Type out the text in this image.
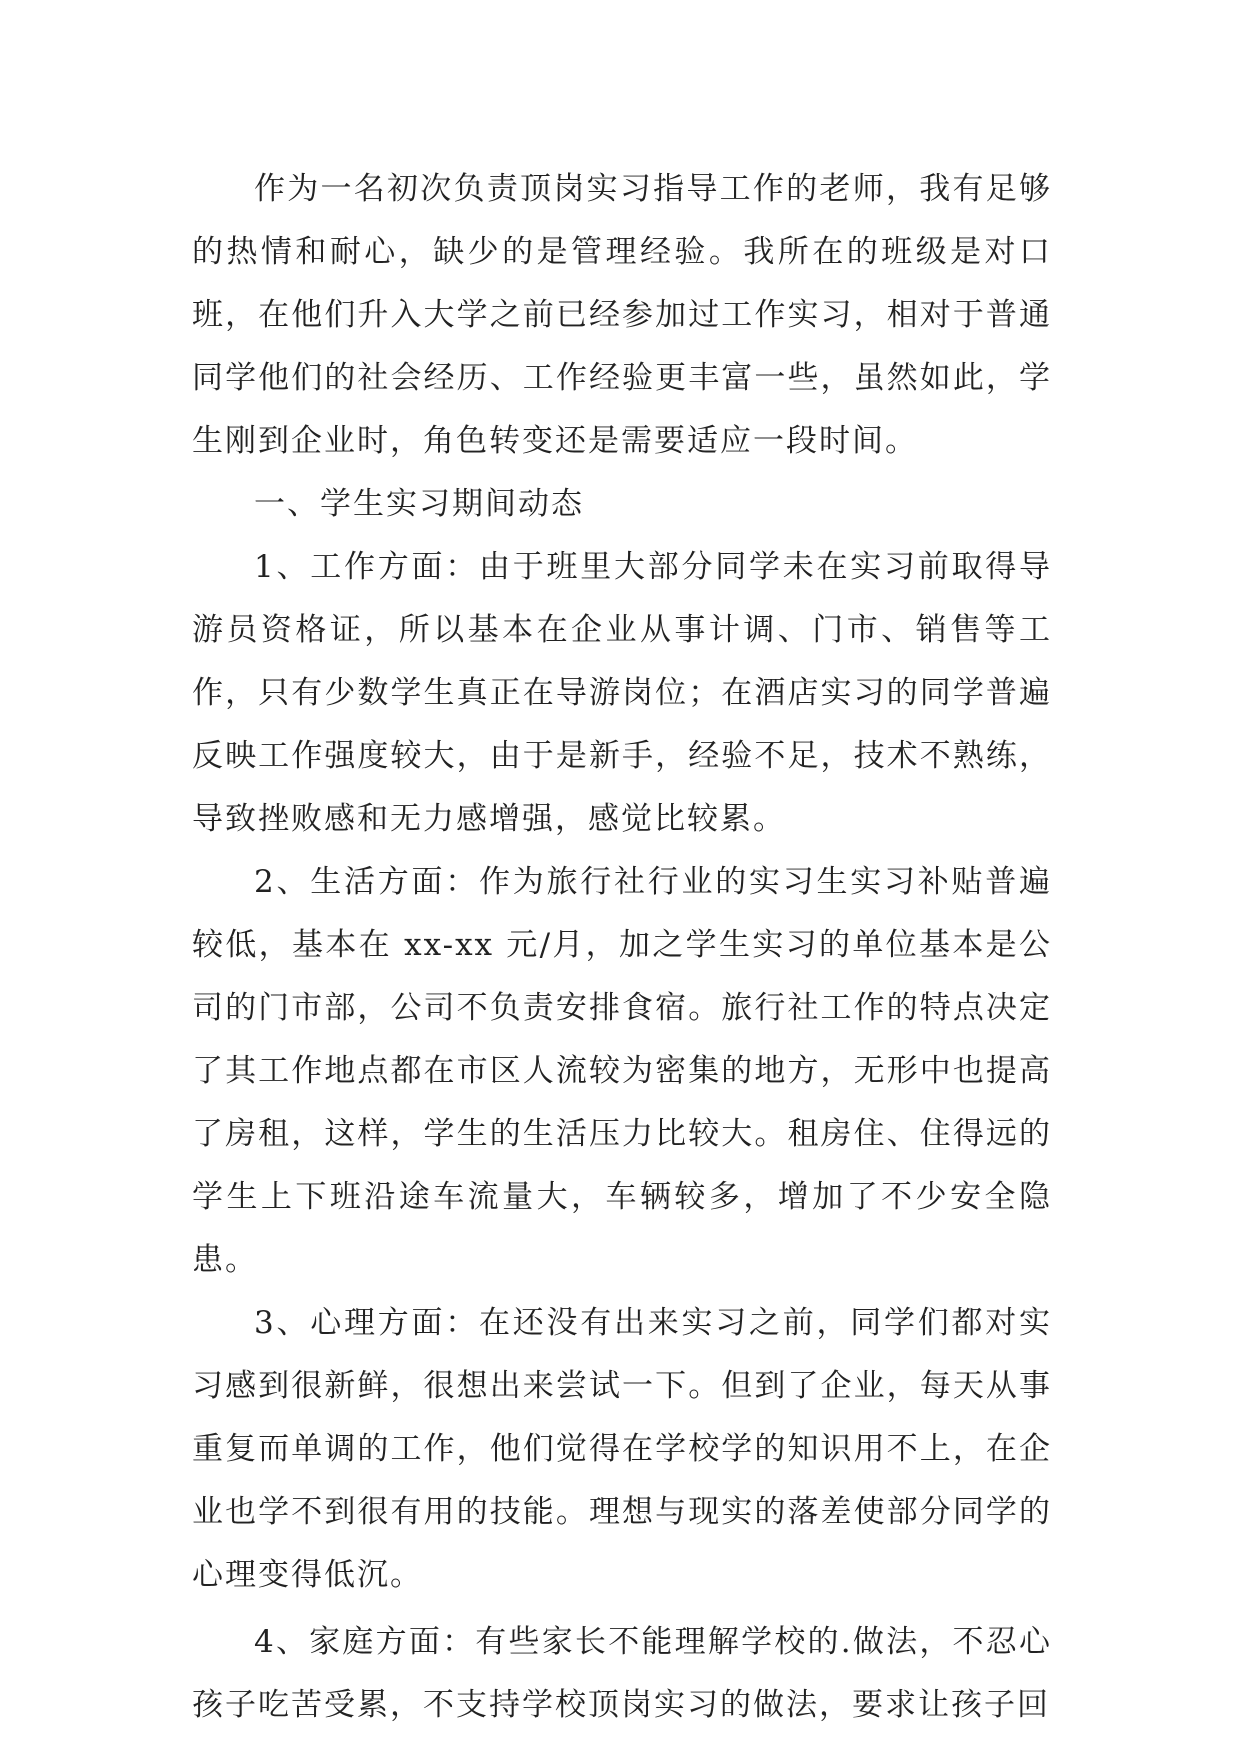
作为一名初次负责顶岗实习指导工作的老师，我有足够的热情和耐心，缺少的是管理经验。我所在的班级是对口班，在他们升入大学之前已经参加过工作实习，相对于普通同学他们的社会经历、工作经验更丰富一些，虽然如此，学生刚到企业时，角色转变还是需要适应一段时间。

一、学生实习期间动态

1、工作方面：由于班里大部分同学未在实习前取得导游员资格证，所以基本在企业从事计调、门市、销售等工作，只有少数学生真正在导游岗位；在酒店实习的同学普遍反映工作强度较大，由于是新手，经验不足，技术不熟练，导致挫败感和无力感增强，感觉比较累。

2、生活方面：作为旅行社行业的实习生实习补贴普遍较低，基本在 xx-xx 元/月，加之学生实习的单位基本是公司的门市部，公司不负责安排食宿。旅行社工作的特点决定了其工作地点都在市区人流较为密集的地方，无形中也提高了房租，这样，学生的生活压力比较大。租房住、住得远的学生上下班沿途车流量大，车辆较多，增加了不少安全隐患。

3、心理方面：在还没有出来实习之前，同学们都对实习感到很新鲜，很想出来尝试一下。但到了企业，每天从事重复而单调的工作，他们觉得在学校学的知识用不上，在企业也学不到很有用的技能。理想与现实的落差使部分同学的心理变得低沉。

4、家庭方面：有些家长不能理解学校的.做法，不忍心孩子吃苦受累，不支持学校顶岗实习的做法，要求让孩子回
